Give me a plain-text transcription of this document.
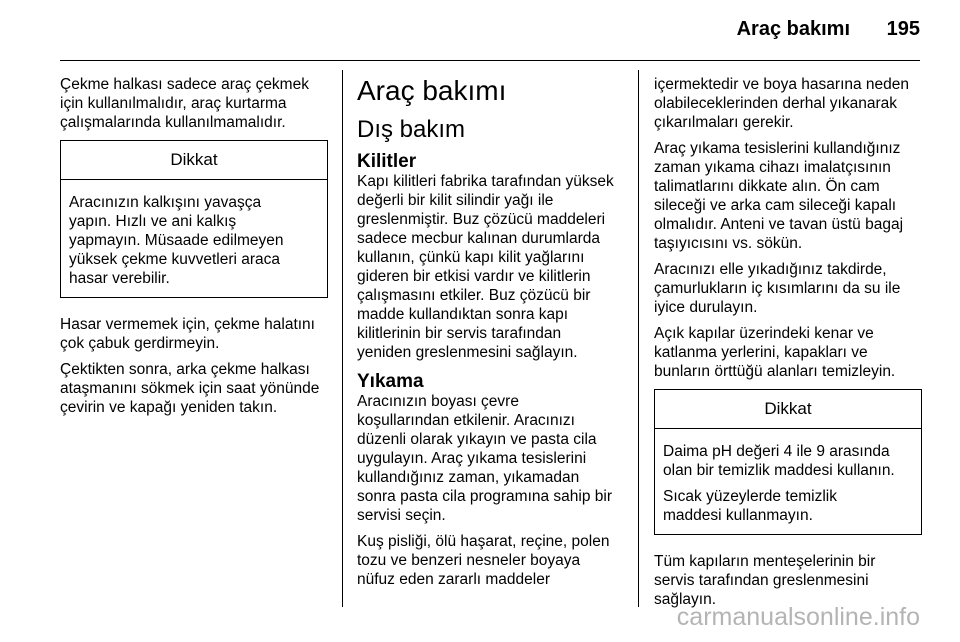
Araç bakımı 195

Çekme halkası sadece araç çekmek
için kullanılmalıdır, araç kurtarma
çalışmalarında kullanılmamalıdır.

Dikkat

Aracınızın kalkışını yavaşça
yapın. Hızlı ve ani kalkış
yapmayın. Müsaade edilmeyen
yüksek çekme kuvvetleri araca
hasar verebilir.

Hasar vermemek için, çekme halatını
çok çabuk gerdirmeyin.

Çektikten sonra, arka çekme halkası
ataşmanını sökmek için saat yönünde
çevirin ve kapağı yeniden takın.

Araç bakımı
Dış bakım
Kilitler

Kapı kilitleri fabrika tarafından yüksek
değerli bir kilit silindir yağı ile
greslenmiştir. Buz çözücü maddeleri
sadece mecbur kalınan durumlarda
kullanın, çünkü kapı kilit yağlarını
gideren bir etkisi vardır ve kilitlerin
çalışmasını etkiler. Buz çözücü bir
madde kullandıktan sonra kapı
kilitlerinin bir servis tarafından
yeniden greslenmesini sağlayın.

Yıkama

Aracınızın boyası çevre
koşullarından etkilenir. Aracınızı
düzenli olarak yıkayın ve pasta cila
uygulayın. Araç yıkama tesislerini
kullandığınız zaman, yıkamadan
sonra pasta cila programına sahip bir
servisi seçin.

Kuş pisliği, ölü haşarat, reçine, polen
tozu ve benzeri nesneler boyaya
nüfuz eden zararlı maddeler

içermektedir ve boya hasarına neden
olabileceklerinden derhal yıkanarak
çıkarılmaları gerekir.

Araç yıkama tesislerini kullandığınız
zaman yıkama cihazı imalatçısının
talimatlarını dikkate alın. Ön cam
sileceği ve arka cam sileceği kapalı
olmalıdır. Anteni ve tavan üstü bagaj
taşıyıcısını vs. sökün.

Aracınızı elle yıkadığınız takdirde,
çamurlukların iç kısımlarını da su ile
iyice durulayın.

Açık kapılar üzerindeki kenar ve
katlanma yerlerini, kapakları ve
bunların örttüğü alanları temizleyin.

Dikkat

Daima pH değeri 4 ile 9 arasında
olan bir temizlik maddesi kullanın.

Sıcak yüzeylerde temizlik
maddesi kullanmayın.

Tüm kapıların menteşelerinin bir
servis tarafından greslenmesini
sağlayın.

carmanualsonline.info
